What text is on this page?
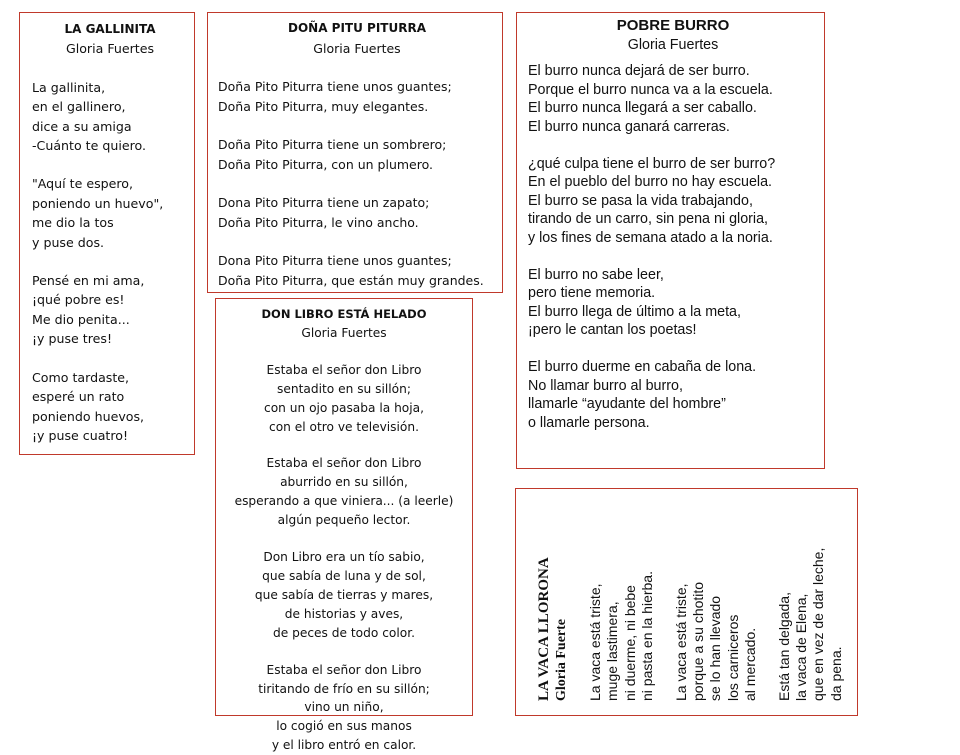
LA GALLINITA
Gloria Fuertes
La gallinita,
en el gallinero,
dice a su amiga
-Cuánto te quiero.
"Aquí te espero,
poniendo un huevo",
me dio la tos
y puse dos.
Pensé en mi ama,
¡qué pobre es!
Me dio penita...
¡y puse tres!
Como tardaste,
esperé un rato
poniendo huevos,
¡y puse cuatro!
DOÑA PITU PITURRA
Gloria Fuertes
Doña Pito Piturra tiene unos guantes;
Doña Pito Piturra, muy elegantes.
Doña Pito Piturra tiene un sombrero;
Doña Pito Piturra, con un plumero.
Dona Pito Piturra tiene un zapato;
Doña Pito Piturra, le vino ancho.
Dona Pito Piturra tiene unos guantes;
Doña Pito Piturra, que están muy grandes.
POBRE BURRO
Gloria Fuertes
El burro nunca dejará de ser burro.
Porque el burro nunca va a la escuela.
El burro nunca llegará a ser caballo.
El burro nunca ganará carreras.
¿qué culpa tiene el burro de ser burro?
En el pueblo del burro no hay escuela.
El burro se pasa la vida trabajando,
tirando de un carro, sin pena ni gloria,
y los fines de semana atado a la noria.
El burro no sabe leer,
pero tiene memoria.
El burro llega de último a la meta,
¡pero le cantan los poetas!
El burro duerme en cabaña de lona.
No llamar burro al burro,
llamarle “ayudante del hombre”
o llamarle persona.
DON LIBRO ESTÁ HELADO
Gloria Fuertes
Estaba el señor don Libro
sentadito en su sillón;
con un ojo pasaba la hoja,
con el otro ve televisión.
Estaba el señor don Libro
aburrido en su sillón,
esperando a que viniera... (a leerle)
algún pequeño lector.
Don Libro era un tío sabio,
que sabía de luna y de sol,
que sabía de tierras y mares,
de historias y aves,
de peces de todo color.
Estaba el señor don Libro
tiritando de frío en su sillón;
vino un niño,
lo cogió en sus manos
y el libro entró en calor.
LA VACA LLORONA Gloria Fuerte La vaca está triste, muge lastimera, ni duerme, ni bebe ni pasta en la hierba. La vaca está triste, porque a su chotito se lo han llevado los carniceros al mercado. Está tan delgada, la vaca de Elena, que en vez de dar leche, da pena.
